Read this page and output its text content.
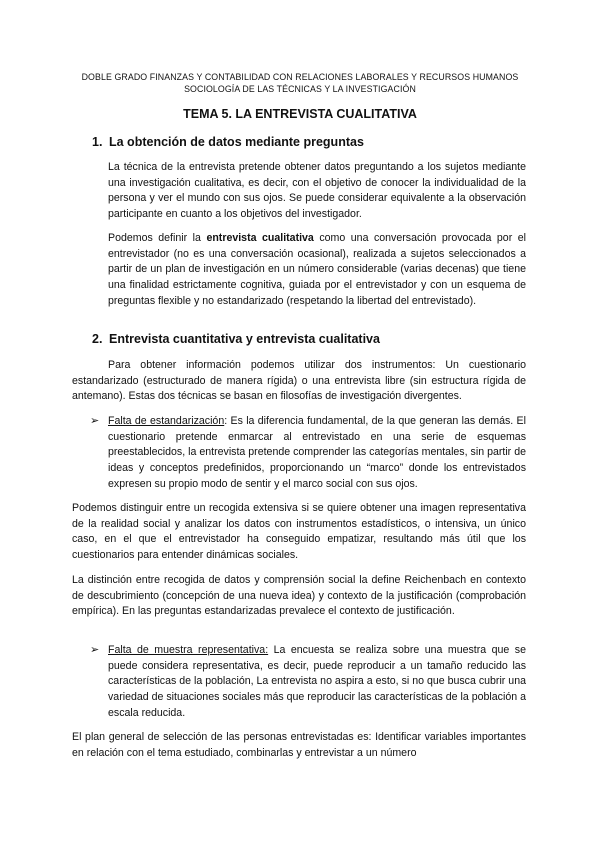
DOBLE GRADO FINANZAS Y CONTABILIDAD CON RELACIONES LABORALES Y RECURSOS HUMANOS
SOCIOLOGÍA DE LAS TÉCNICAS Y LA INVESTIGACIÓN
TEMA 5. LA ENTREVISTA CUALITATIVA
1. La obtención de datos mediante preguntas
La técnica de la entrevista pretende obtener datos preguntando a los sujetos mediante una investigación cualitativa, es decir, con el objetivo de conocer la individualidad de la persona y ver el mundo con sus ojos. Se puede considerar equivalente a la observación participante en cuanto a los objetivos del investigador.
Podemos definir la entrevista cualitativa como una conversación provocada por el entrevistador (no es una conversación ocasional), realizada a sujetos seleccionados a partir de un plan de investigación en un número considerable (varias decenas) que tiene una finalidad estrictamente cognitiva, guiada por el entrevistador y con un esquema de preguntas flexible y no estandarizado (respetando la libertad del entrevistado).
2. Entrevista cuantitativa y entrevista cualitativa
Para obtener información podemos utilizar dos instrumentos: Un cuestionario estandarizado (estructurado de manera rígida) o una entrevista libre (sin estructura rígida de antemano). Estas dos técnicas se basan en filosofías de investigación divergentes.
➢ Falta de estandarización: Es la diferencia fundamental, de la que generan las demás. El cuestionario pretende enmarcar al entrevistado en una serie de esquemas preestablecidos, la entrevista pretende comprender las categorías mentales, sin partir de ideas y conceptos predefinidos, proporcionando un “marco” donde los entrevistados expresen su propio modo de sentir y el marco social con sus ojos.
Podemos distinguir entre un recogida extensiva si se quiere obtener una imagen representativa de la realidad social y analizar los datos con instrumentos estadísticos, o intensiva, un único caso, en el que el entrevistador ha conseguido empatizar, resultando más útil que los cuestionarios para entender dinámicas sociales.
La distinción entre recogida de datos y comprensión social la define Reichenbach en contexto de descubrimiento (concepción de una nueva idea) y contexto de la justificación (comprobación empírica). En las preguntas estandarizadas prevalece el contexto de justificación.
➢ Falta de muestra representativa: La encuesta se realiza sobre una muestra que se puede considera representativa, es decir, puede reproducir a un tamaño reducido las características de la población, La entrevista no aspira a esto, si no que busca cubrir una variedad de situaciones sociales más que reproducir las características de la población a escala reducida.
El plan general de selección de las personas entrevistadas es: Identificar variables importantes en relación con el tema estudiado, combinarlas y entrevistar a un número
